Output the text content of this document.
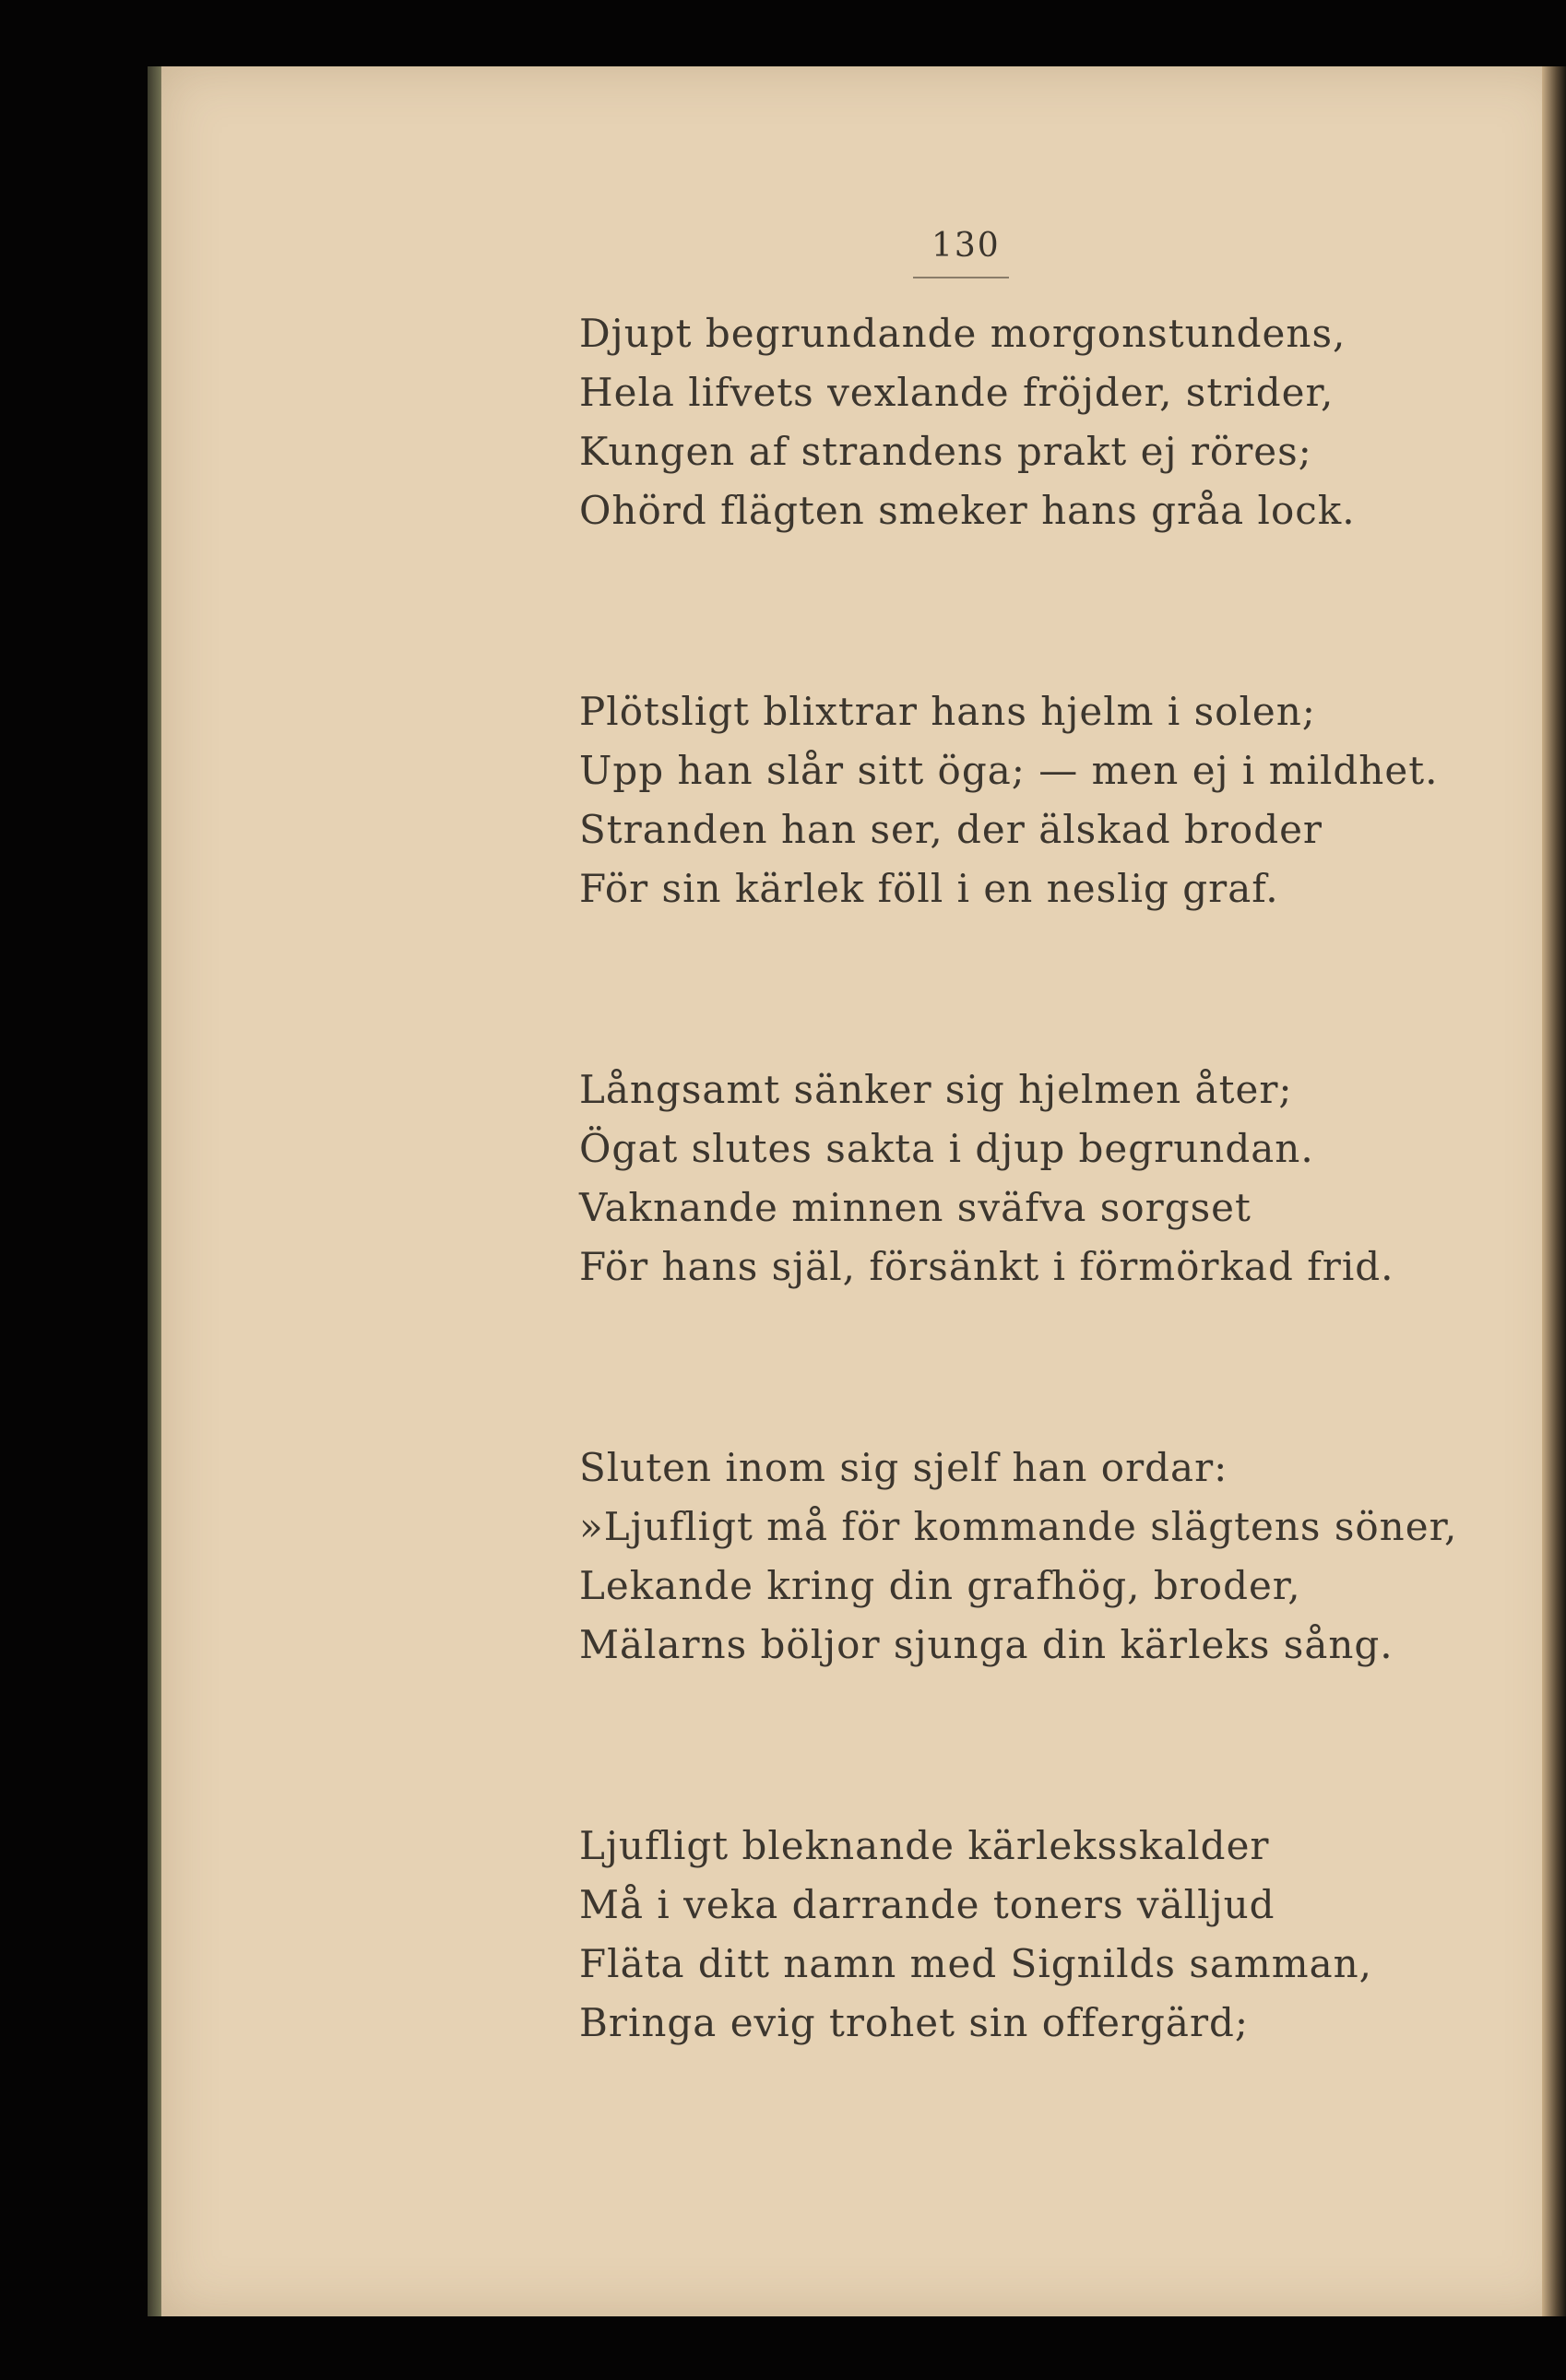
130
Djupt begrundande morgonstundens,
Hela lifvets vexlande fröjder, strider,
Kungen af strandens prakt ej röres;
Ohörd flägten smeker hans gråa lock.
Plötsligt blixtrar hans hjelm i solen;
Upp han slår sitt öga; — men ej i mildhet.
Stranden han ser, der älskad broder
För sin kärlek föll i en neslig graf.
Långsamt sänker sig hjelmen åter;
Ögat slutes sakta i djup begrundan.
Vaknande minnen sväfva sorgset
För hans själ, försänkt i förmörkad frid.
Sluten inom sig sjelf han ordar:
»Ljufligt må för kommande slägtens söner,
Lekande kring din grafhög, broder,
Mälarns böljor sjunga din kärleks sång.
Ljufligt bleknande kärleksskalder
Må i veka darrande toners välljud
Fläta ditt namn med Signilds samman,
Bringa evig trohet sin offergärd;
